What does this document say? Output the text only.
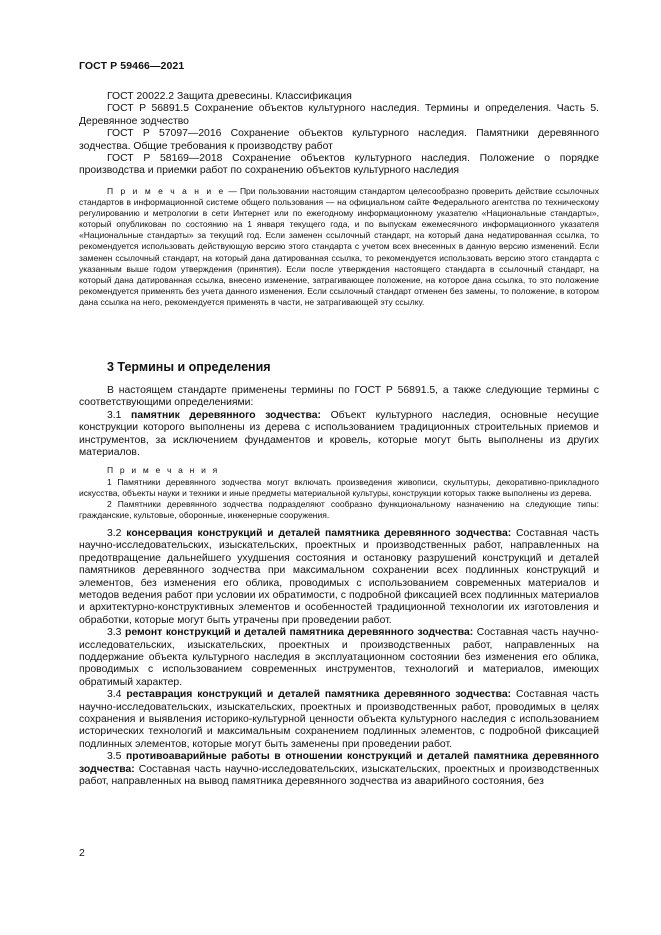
ГОСТ Р 59466—2021

ГОСТ 20022.2 Защита древесины. Классификация

ГОСТ Р 56891.5 Сохранение объектов культурного наследия. Термины и определения. Часть 5. Деревянное зодчество

ГОСТ Р 57097—2016 Сохранение объектов культурного наследия. Памятники деревянного зодчества. Общие требования к производству работ

ГОСТ Р 58169—2018 Сохранение объектов культурного наследия. Положение о порядке производства и приемки работ по сохранению объектов культурного наследия

П р и м е ч а н и е — При пользовании настоящим стандартом целесообразно проверить действие ссылочных стандартов в информационной системе общего пользования — на официальном сайте Федерального агентства по техническому регулированию и метрологии в сети Интернет или по ежегодному информационному указателю «Национальные стандарты», который опубликован по состоянию на 1 января текущего года, и по выпускам ежемесячного информационного указателя «Национальные стандарты» за текущий год. Если заменен ссылочный стандарт, на который дана недатированная ссылка, то рекомендуется использовать действующую версию этого стандарта с учетом всех внесенных в данную версию изменений. Если заменен ссылочный стандарт, на который дана датированная ссылка, то рекомендуется использовать версию этого стандарта с указанным выше годом утверждения (принятия). Если после утверждения настоящего стандарта в ссылочный стандарт, на который дана датированная ссылка, внесено изменение, затрагивающее положение, на которое дана ссылка, то это положение рекомендуется применять без учета данного изменения. Если ссылочный стандарт отменен без замены, то положение, в котором дана ссылка на него, рекомендуется применять в части, не затрагивающей эту ссылку.

3 Термины и определения

В настоящем стандарте применены термины по ГОСТ Р 56891.5, а также следующие термины с соответствующими определениями:

3.1 памятник деревянного зодчества: Объект культурного наследия, основные несущие конструкции которого выполнены из дерева с использованием традиционных строительных приемов и инструментов, за исключением фундаментов и кровель, которые могут быть выполнены из других материалов.

П р и м е ч а н и я

1 Памятники деревянного зодчества могут включать произведения живописи, скульптуры, декоративно-прикладного искусства, объекты науки и техники и иные предметы материальной культуры, конструкции которых также выполнены из дерева.

2 Памятники деревянного зодчества подразделяют сообразно функциональному назначению на следующие типы: гражданские, культовые, оборонные, инженерные сооружения.

3.2 консервация конструкций и деталей памятника деревянного зодчества: Составная часть научно-исследовательских, изыскательских, проектных и производственных работ, направленных на предотвращение дальнейшего ухудшения состояния и остановку разрушений конструкций и деталей памятников деревянного зодчества при максимальном сохранении всех подлинных конструкций и элементов, без изменения его облика, проводимых с использованием современных материалов и методов ведения работ при условии их обратимости, с подробной фиксацией всех подлинных материалов и архитектурно-конструктивных элементов и особенностей традиционной технологии их изготовления и обработки, которые могут быть утрачены при проведении работ.

3.3 ремонт конструкций и деталей памятника деревянного зодчества: Составная часть научно-исследовательских, изыскательских, проектных и производственных работ, направленных на поддержание объекта культурного наследия в эксплуатационном состоянии без изменения его облика, проводимых с использованием современных инструментов, технологий и материалов, имеющих обратимый характер.

3.4 реставрация конструкций и деталей памятника деревянного зодчества: Составная часть научно-исследовательских, изыскательских, проектных и производственных работ, проводимых в целях сохранения и выявления историко-культурной ценности объекта культурного наследия с использованием исторических технологий и максимальным сохранением подлинных элементов, с подробной фиксацией подлинных элементов, которые могут быть заменены при проведении работ.

3.5 противоаварийные работы в отношении конструкций и деталей памятника деревянного зодчества: Составная часть научно-исследовательских, изыскательских, проектных и производственных работ, направленных на вывод памятника деревянного зодчества из аварийного состояния, без

2
